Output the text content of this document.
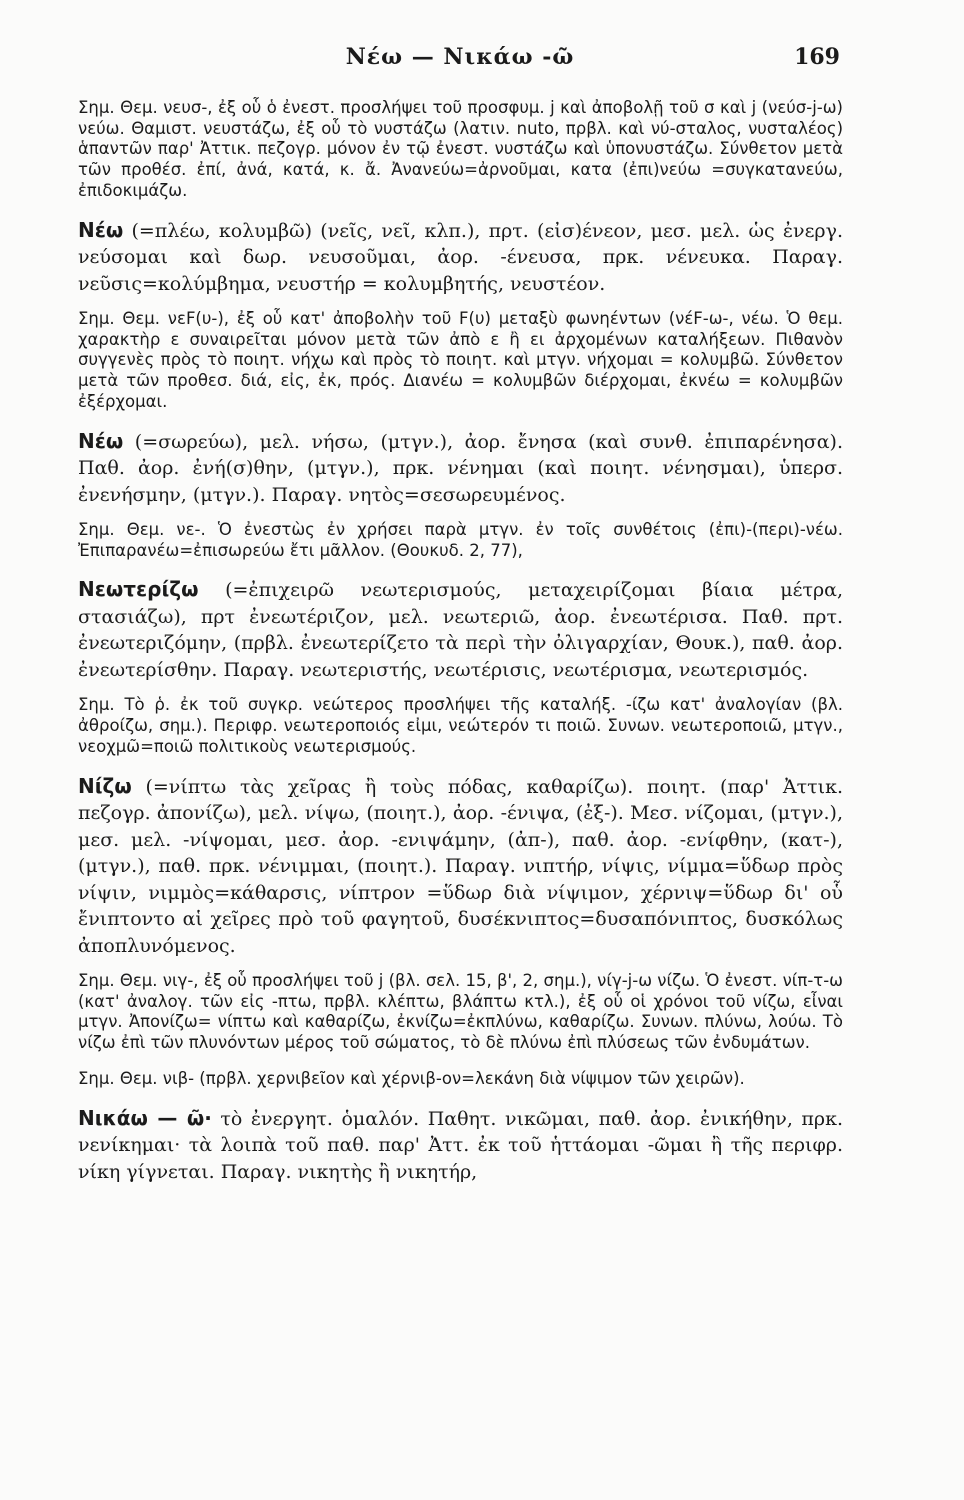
Νέω — Νικάω -ῶ	169

Σημ. Θεμ. νευσ-, ἐξ οὗ ὁ ἐνεστ. προσλήψει τοῦ προσφυμ. j καὶ ἀποβολῇ τοῦ σ καὶ j (νεύσ-j-ω) νεύω. Θαμιστ. νευστάζω, ἐξ οὗ τὸ νυστάζω (λατιν. nuto, πρβλ. καὶ νύ-σταλος, νυσταλέος) ἁπαντῶν παρ' Ἀττικ. πεζογρ. μόνον ἐν τῷ ἐνεστ. νυστάζω καὶ ὑπονυστάζω. Σύνθετον μετὰ τῶν προθέσ. ἐπί, ἀνά, κατά, κ. ἄ. Ἀνανεύω=ἀρνοῦμαι, κατα (ἐπι)νεύω =συγκατανεύω, ἐπιδοκιμάζω.

Νέω (=πλέω, κολυμβῶ) (νεῖς, νεῖ, κλπ.), πρτ. (εἰσ)ένεον, μεσ. μελ. ὡς ἐνεργ. νεύσομαι καὶ δωρ. νευσοῦμαι, ἀορ. -ένευσα, πρκ. νένευκα. Παραγ. νεῦσις=κολύμβημα, νευστήρ = κολυμβητής, νευστέον.

Σημ. Θεμ. νεF(υ-), ἐξ οὗ κατ' ἀποβολὴν τοῦ F(υ) μεταξὺ φωνηέντων (νέF-ω-, νέω. Ὁ θεμ. χαρακτὴρ ε συναιρεῖται μόνον μετὰ τῶν ἀπὸ ε ἢ ει ἀρχομένων καταλήξεων. Πιθανὸν συγγενὲς πρὸς τὸ ποιητ. νήχω καὶ πρὸς τὸ ποιητ. καὶ μτγν. νήχομαι = κολυμβῶ. Σύνθετον μετὰ τῶν προθεσ. διά, εἰς, ἐκ, πρός. Διανέω = κολυμβῶν διέρχομαι, ἐκνέω = κολυμβῶν ἐξέρχομαι.

Νέω (=σωρεύω), μελ. νήσω, (μτγν.), ἀορ. ἔνησα (καὶ συνθ. ἐπιπαρένησα). Παθ. ἀορ. ἐνή(σ)θην, (μτγν.), πρκ. νένημαι (καὶ ποιητ. νένησμαι), ὑπερσ. ἐνενήσμην, (μτγν.). Παραγ. νητὸς=σεσωρευμένος.

Σημ. Θεμ. νε-. Ὁ ἐνεστὼς ἐν χρήσει παρὰ μτγν. ἐν τοῖς συνθέτοις (ἐπι)-(περι)-νέω. Ἐπιπαρανέω=ἐπισωρεύω ἔτι μᾶλλον. (Θουκυδ. 2, 77),

Νεωτερίζω (=ἐπιχειρῶ νεωτερισμούς, μεταχειρίζομαι βίαια μέτρα, στασιάζω), πρτ ἐνεωτέριζον, μελ. νεωτεριῶ, ἀορ. ἐνεωτέρισα. Παθ. πρτ. ἐνεωτεριζόμην, (πρβλ. ἐνεωτερίζετο τὰ περὶ τὴν ὀλιγαρχίαν, Θουκ.), παθ. ἀορ. ἐνεωτερίσθην. Παραγ. νεωτεριστής, νεωτέρισις, νεωτέρισμα, νεωτερισμός.

Σημ. Τὸ ῥ. ἐκ τοῦ συγκρ. νεώτερος προσλήψει τῆς καταλήξ. -ίζω κατ' ἀναλογίαν (βλ. ἀθροίζω, σημ.). Περιφρ. νεωτεροποιός εἰμι, νεώτερόν τι ποιῶ. Συνων. νεωτεροποιῶ, μτγν., νεοχμῶ=ποιῶ πολιτικοὺς νεωτερισμούς.

Νίζω (=νίπτω τὰς χεῖρας ἢ τοὺς πόδας, καθαρίζω). ποιητ. (παρ' Ἀττικ. πεζογρ. ἀπονίζω), μελ. νίψω, (ποιητ.), ἀορ. -ένιψα, (ἐξ-). Μεσ. νίζομαι, (μτγν.), μεσ. μελ. -νίψομαι, μεσ. ἀορ. -ενιψάμην, (ἀπ-), παθ. ἀορ. -ενίφθην, (κατ-), (μτγν.), παθ. πρκ. νένιμμαι, (ποιητ.). Παραγ. νιπτήρ, νίψις, νίμμα=ὕδωρ πρὸς νίψιν, νιμμὸς=κάθαρσις, νίπτρον =ὕδωρ διὰ νίψιμον, χέρνιψ=ὕδωρ δι' οὗ ἔνιπτοντο αἱ χεῖρες πρὸ τοῦ φαγητοῦ, δυσέκνιπτος=δυσαπόνιπτος, δυσκόλως ἀποπλυνόμενος.

Σημ. Θεμ. νιγ-, ἐξ οὗ προσλήψει τοῦ j (βλ. σελ. 15, β', 2, σημ.), νίγ-j-ω νίζω. Ὁ ἐνεστ. νίπ-τ-ω (κατ' ἀναλογ. τῶν εἰς -πτω, πρβλ. κλέπτω, βλάπτω κτλ.), ἐξ οὗ οἱ χρόνοι τοῦ νίζω, εἶναι μτγν. Ἀπονίζω= νίπτω καὶ καθαρίζω, ἐκνίζω=ἐκπλύνω, καθαρίζω. Συνων. πλύνω, λούω. Τὸ νίζω ἐπὶ τῶν πλυνόντων μέρος τοῦ σώματος, τὸ δὲ πλύνω ἐπὶ πλύσεως τῶν ἐνδυμάτων.

Σημ. Θεμ. νιβ- (πρβλ. χερνιβεῖον καὶ χέρνιβ-ον=λεκάνη διὰ νίψιμον τῶν χειρῶν).

Νικάω — ῶ· τὸ ἐνεργητ. ὁμαλόν. Παθητ. νικῶμαι, παθ. ἀορ. ἐνικήθην, πρκ. νενίκημαι· τὰ λοιπὰ τοῦ παθ. παρ' Ἀττ. ἐκ τοῦ ἡττάομαι -ῶμαι ἢ τῆς περιφρ. νίκη γίγνεται. Παραγ. νικητὴς ἢ νικητήρ,
